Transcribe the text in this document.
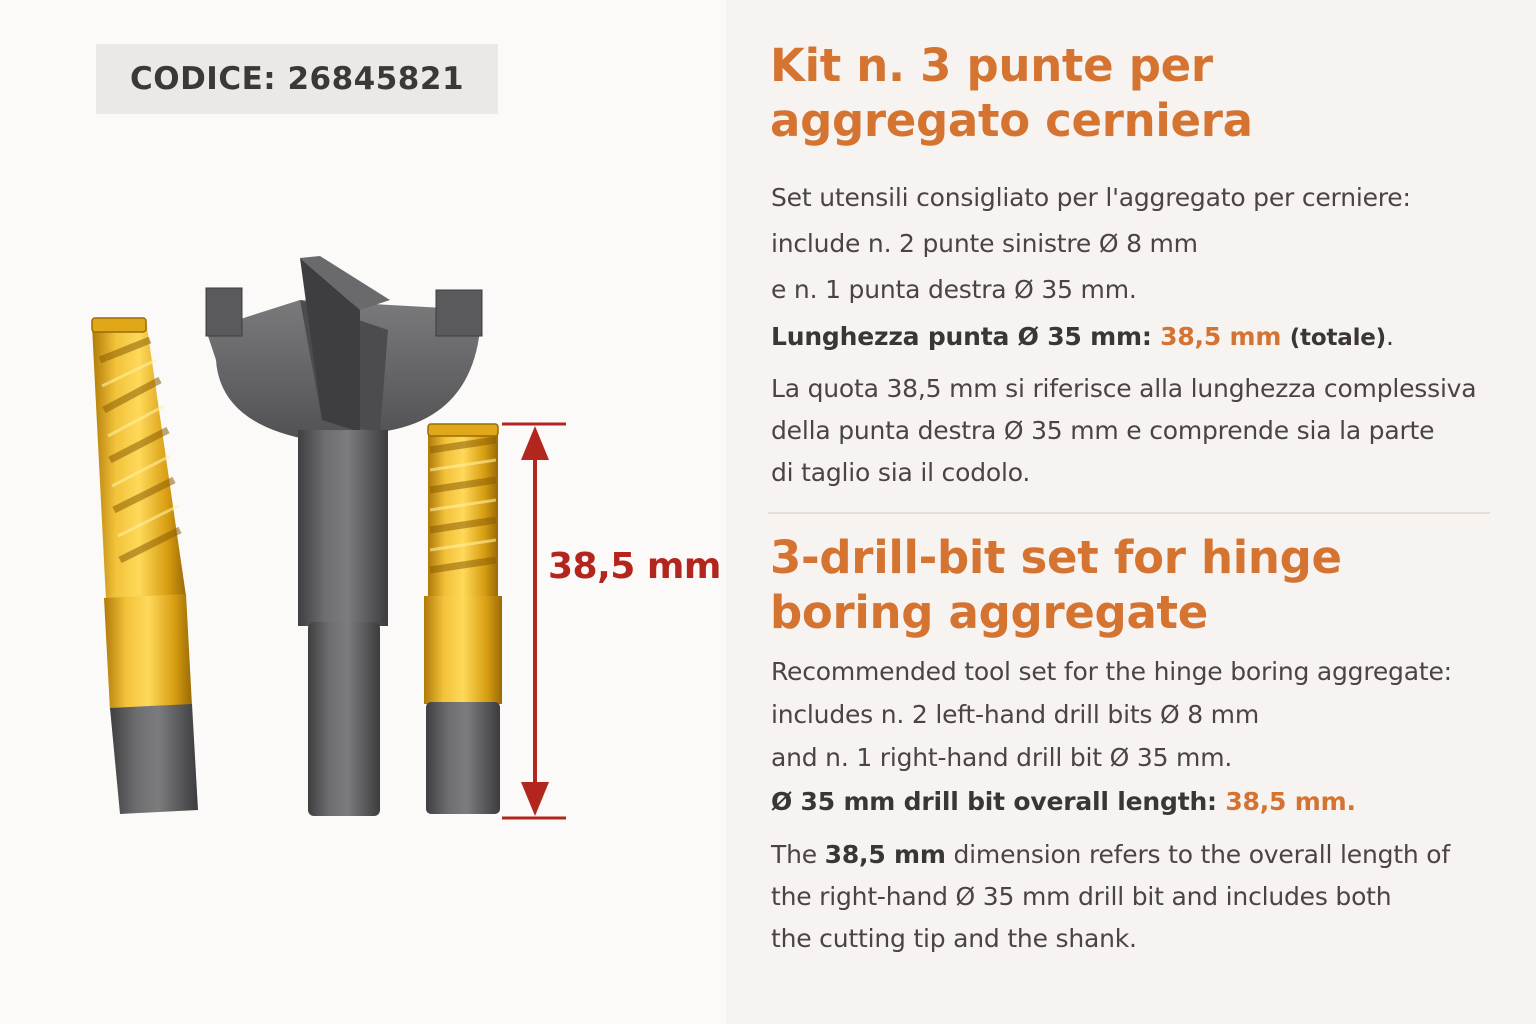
CODICE: 26845821
38,5 mm
Kit n. 3 punte per
aggregato cerniera

Set utensili consigliato per l'aggregato per cerniere:
include n. 2 punte sinistre Ø 8 mm
e n. 1 punta destra Ø 35 mm.

Lunghezza punta Ø 35 mm: 38,5 mm (totale).

La quota 38,5 mm si riferisce alla lunghezza complessiva
della punta destra Ø 35 mm e comprende sia la parte
di taglio sia il codolo.

3-drill-bit set for hinge
boring aggregate

Recommended tool set for the hinge boring aggregate:
includes n. 2 left-hand drill bits Ø 8 mm
and n. 1 right-hand drill bit Ø 35 mm.

Ø 35 mm drill bit overall length: 38,5 mm.

The 38,5 mm dimension refers to the overall length of
the right-hand Ø 35 mm drill bit and includes both
the cutting tip and the shank.
